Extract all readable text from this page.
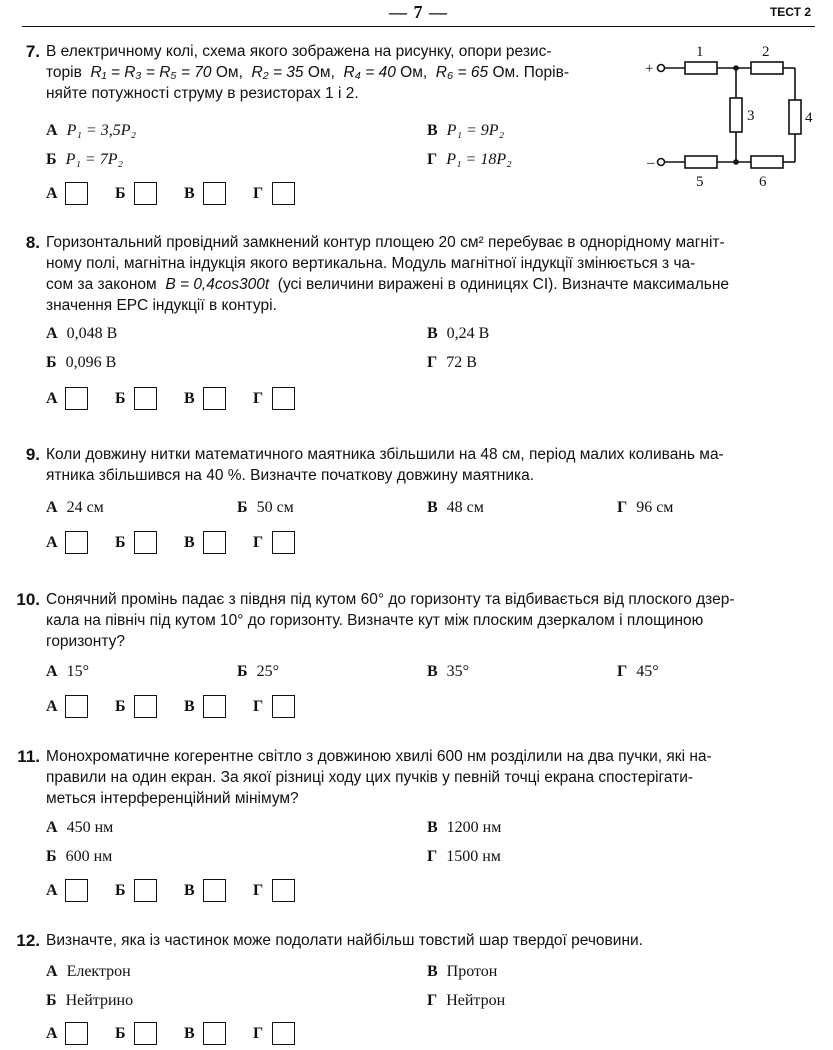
— 7 —	ТЕСТ 2
+
–
1	2
3	4
5	6
7. В електричному колі, схема якого зображена на рисунку, опори резис-
торів R₁ = R₃ = R₅ = 70 Ом, R₂ = 35 Ом, R₄ = 40 Ом, R₆ = 65 Ом. Порів-
няйте потужності струму в резисторах 1 і 2.
А P₁ = 3,5P₂
Б P₁ = 7P₂
В P₁ = 9P₂
Г P₁ = 18P₂
А	Б	В	Г
8. Горизонтальний провідний замкнений контур площею 20 см² перебуває в однорідному магніт-
ному полі, магнітна індукція якого вертикальна. Модуль магнітної індукції змінюється з ча-
сом за законом B = 0,4cos300t (усі величини виражені в одиницях СІ). Визначте максимальне
значення ЕРС індукції в контурі.
А 0,048 В
Б 0,096 В
В 0,24 В
Г 72 В
А	Б	В	Г
9. Коли довжину нитки математичного маятника збільшили на 48 см, період малих коливань ма-
ятника збільшився на 40 %. Визначте початкову довжину маятника.
А 24 см	Б 50 см	В 48 см	Г 96 см
А	Б	В	Г
10. Сонячний промінь падає з півдня під кутом 60° до горизонту та відбивається від плоского дзер-
кала на північ під кутом 10° до горизонту. Визначте кут між плоским дзеркалом і площиною
горизонту?
А 15°	Б 25°	В 35°	Г 45°
А	Б	В	Г
11. Монохроматичне когерентне світло з довжиною хвилі 600 нм розділили на два пучки, які на-
правили на один екран. За якої різниці ходу цих пучків у певній точці екрана спостерігати-
меться інтерференційний мінімум?
А 450 нм
Б 600 нм
В 1200 нм
Г 1500 нм
А	Б	В	Г
12. Визначте, яка із частинок може подолати найбільш товстий шар твердої речовини.
А Електрон
Б Нейтрино
В Протон
Г Нейтрон
А	Б	В	Г
